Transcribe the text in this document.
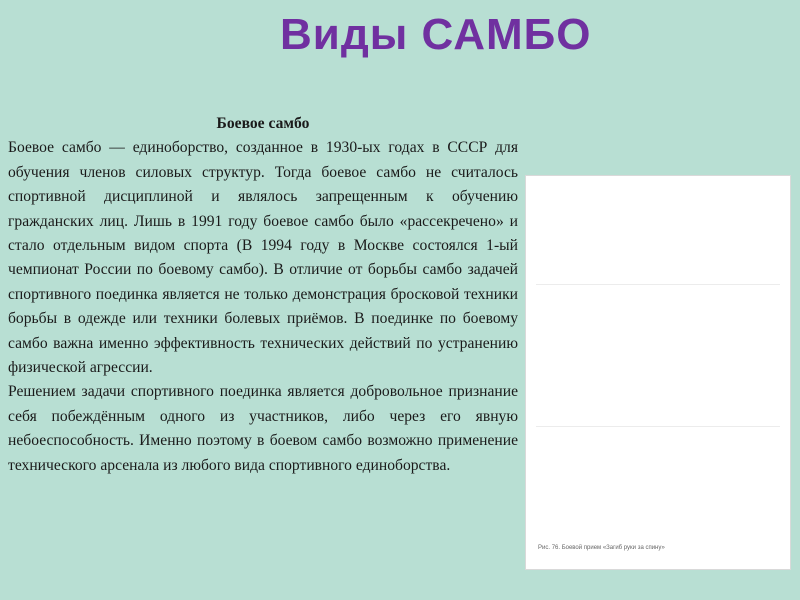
Виды САМБО
Боевое самбо

Боевое самбо — единоборство, созданное в 1930-ых годах в СССР для обучения членов силовых структур. Тогда боевое самбо не считалось спортивной дисциплиной и являлось запрещенным к обучению гражданских лиц. Лишь в 1991 году боевое самбо было «рассекречено» и стало отдельным видом спорта (В 1994 году в Москве состоялся 1-ый чемпионат России по боевому самбо). В отличие от борьбы самбо задачей спортивного поединка является не только демонстрация бросковой техники борьбы в одежде или техники болевых приёмов. В поединке по боевому самбо важна именно эффективность технических действий по устранению физической агрессии.

Решением задачи спортивного поединка является добровольное признание себя побеждённым одного из участников, либо через его явную небоеспособность. Именно поэтому в боевом самбо возможно применение технического арсенала из любого вида спортивного единоборства.

Рис. 76. Боевой прием «Загиб руки за спину»
